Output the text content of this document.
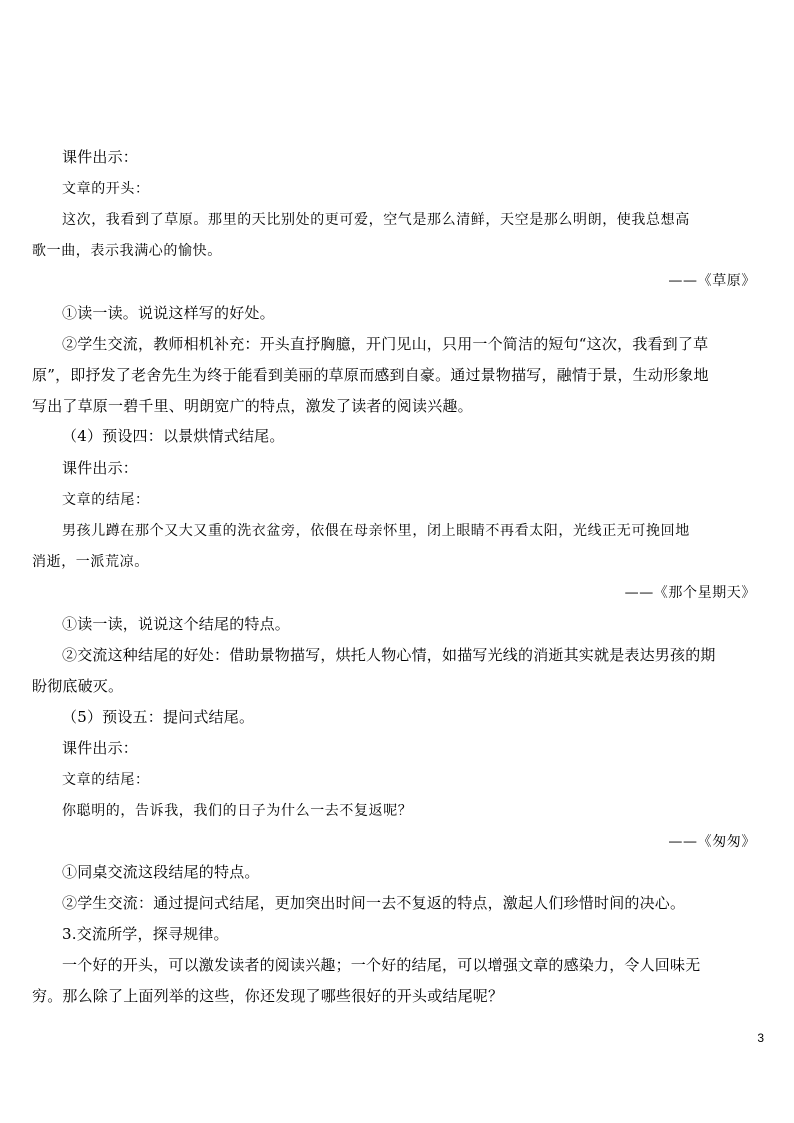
课件出示：
文章的开头：
这次，我看到了草原。那里的天比别处的更可爱，空气是那么清鲜，天空是那么明朗，使我总想高
歌一曲，表示我满心的愉快。
——《草原》
①读一读。说说这样写的好处。
②学生交流，教师相机补充：开头直抒胸臆，开门见山，只用一个简洁的短句“这次，我看到了草
原”，即抒发了老舍先生为终于能看到美丽的草原而感到自豪。通过景物描写，融情于景，生动形象地
写出了草原一碧千里、明朗宽广的特点，激发了读者的阅读兴趣。
（4）预设四：以景烘情式结尾。
课件出示：
文章的结尾：
男孩儿蹲在那个又大又重的洗衣盆旁，依偎在母亲怀里，闭上眼睛不再看太阳，光线正无可挽回地
消逝，一派荒凉。
——《那个星期天》
①读一读，说说这个结尾的特点。
②交流这种结尾的好处：借助景物描写，烘托人物心情，如描写光线的消逝其实就是表达男孩的期
盼彻底破灭。
（5）预设五：提问式结尾。
课件出示：
文章的结尾：
你聪明的，告诉我，我们的日子为什么一去不复返呢？
——《匆匆》
①同桌交流这段结尾的特点。
②学生交流：通过提问式结尾，更加突出时间一去不复返的特点，激起人们珍惜时间的决心。
3.交流所学，探寻规律。
一个好的开头，可以激发读者的阅读兴趣；一个好的结尾，可以增强文章的感染力，令人回味无
穷。那么除了上面列举的这些，你还发现了哪些很好的开头或结尾呢？
3
